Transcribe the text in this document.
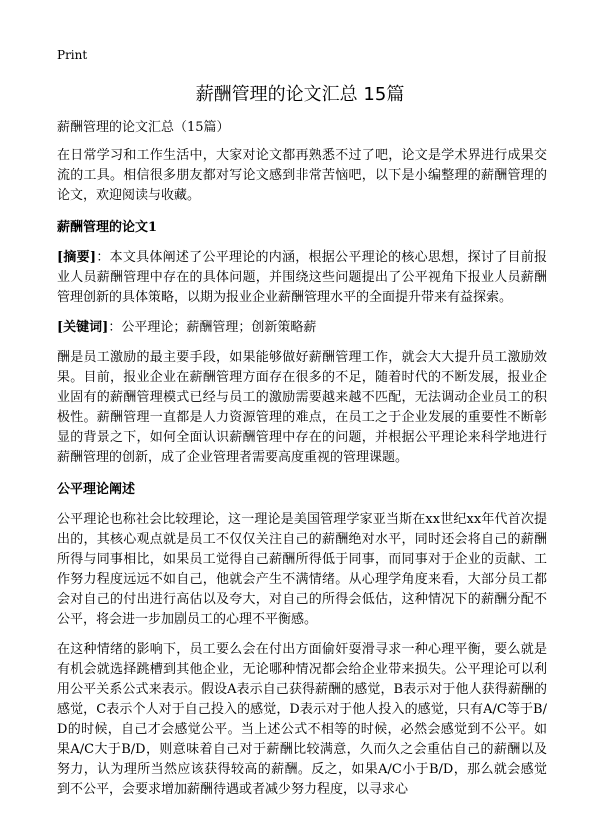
Print
薪酬管理的论文汇总 15篇

薪酬管理的论文汇总（15篇）

在日常学习和工作生活中，大家对论文都再熟悉不过了吧，论文是学术界进行成果交流的工具。相信很多朋友都对写论文感到非常苦恼吧，以下是小编整理的薪酬管理的论文，欢迎阅读与收藏。

薪酬管理的论文1

[摘要]：本文具体阐述了公平理论的内涵，根据公平理论的核心思想，探讨了目前报业人员薪酬管理中存在的具体问题，并围绕这些问题提出了公平视角下报业人员薪酬管理创新的具体策略，以期为报业企业薪酬管理水平的全面提升带来有益探索。

[关键词]：公平理论；薪酬管理；创新策略薪

酬是员工激励的最主要手段，如果能够做好薪酬管理工作，就会大大提升员工激励效果。目前，报业企业在薪酬管理方面存在很多的不足，随着时代的不断发展，报业企业固有的薪酬管理模式已经与员工的激励需要越来越不匹配，无法调动企业员工的积极性。薪酬管理一直都是人力资源管理的难点，在员工之于企业发展的重要性不断彰显的背景之下，如何全面认识薪酬管理中存在的问题，并根据公平理论来科学地进行薪酬管理的创新，成了企业管理者需要高度重视的管理课题。

公平理论阐述

公平理论也称社会比较理论，这一理论是美国管理学家亚当斯在xx世纪xx年代首次提出的，其核心观点就是员工不仅仅关注自己的薪酬绝对水平，同时还会将自己的薪酬所得与同事相比，如果员工觉得自己薪酬所得低于同事，而同事对于企业的贡献、工作努力程度远远不如自己，他就会产生不满情绪。从心理学角度来看，大部分员工都会对自己的付出进行高估以及夸大，对自己的所得会低估，这种情况下的薪酬分配不公平，将会进一步加剧员工的心理不平衡感。

在这种情绪的影响下，员工要么会在付出方面偷奸耍滑寻求一种心理平衡，要么就是有机会就选择跳槽到其他企业，无论哪种情况都会给企业带来损失。公平理论可以利用公平关系公式来表示。假设A表示自己获得薪酬的感觉，B表示对于他人获得薪酬的感觉，C表示个人对于自己投入的感觉，D表示对于他人投入的感觉，只有A/C等于B/D的时候，自己才会感觉公平。当上述公式不相等的时候，必然会感觉到不公平。如果A/C大于B/D，则意味着自己对于薪酬比较满意，久而久之会重估自己的薪酬以及努力，认为理所当然应该获得较高的薪酬。反之，如果A/C小于B/D，那么就会感觉到不公平，会要求增加薪酬待遇或者减少努力程度，以寻求心
